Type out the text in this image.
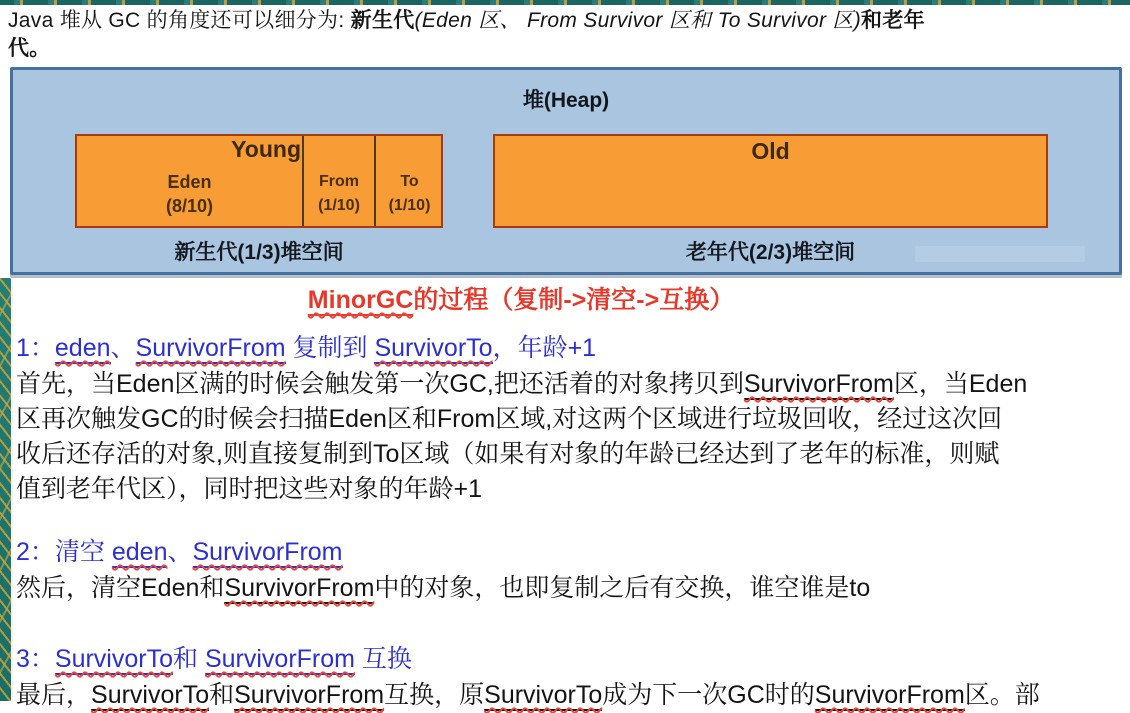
Java 堆从 GC 的角度还可以细分为: 新生代(Eden 区、 From Survivor 区和 To Survivor 区)和老年
代。
堆(Heap)
Young
Eden
(8/10)
From
(1/10)
To
(1/10)
Old
新生代(1/3)堆空间	老年代(2/3)堆空间
MinorGC的过程（复制->清空->互换）
1：eden、SurvivorFrom 复制到 SurvivorTo，年龄+1
首先，当Eden区满的时候会触发第一次GC,把还活着的对象拷贝到SurvivorFrom区，当Eden
区再次触发GC的时候会扫描Eden区和From区域,对这两个区域进行垃圾回收，经过这次回
收后还存活的对象,则直接复制到To区域（如果有对象的年龄已经达到了老年的标准，则赋
值到老年代区），同时把这些对象的年龄+1
2：清空 eden、SurvivorFrom
然后，清空Eden和SurvivorFrom中的对象，也即复制之后有交换，谁空谁是to
3：SurvivorTo和 SurvivorFrom 互换
最后，SurvivorTo和SurvivorFrom互换，原SurvivorTo成为下一次GC时的SurvivorFrom区。部
